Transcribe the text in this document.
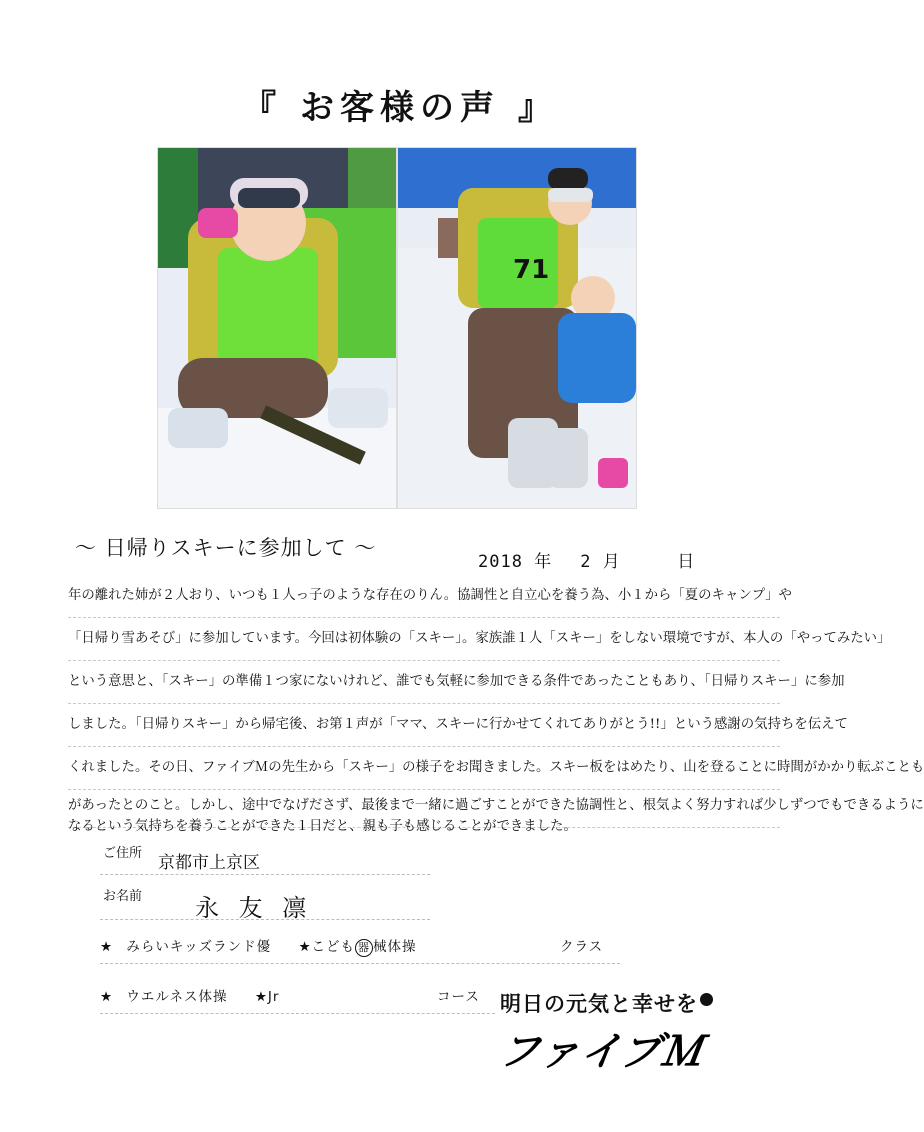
『 お客様の声 』
71
～ 日帰りスキーに参加して ～
2018 年 2 月	日
年の離れた姉が２人おり、いつも１人っ子のような存在のりん。協調性と自立心を養う為、小１から「夏のキャンプ」や
「日帰り雪あそび」に参加しています。今回は初体験の「スキー」。家族誰１人「スキー」をしない環境ですが、本人の「やってみたい」
という意思と、「スキー」の準備１つ家にないけれど、誰でも気軽に参加できる条件であったこともあり、「日帰りスキー」に参加
しました。「日帰りスキー」から帰宅後、お第１声が「ママ、スキーに行かせてくれてありがとう!!」という感謝の気持ちを伝えて
くれました。その日、ファイブＭの先生から「スキー」の様子をお聞きました。スキー板をはめたり、山を登ることに時間がかかり転ぶことも
があったとのこと。しかし、途中でなげださず、最後まで一緒に過ごすことができた協調性と、根気よく努力すれば少しずつでもできるように
なるという気持ちを養うことができた１日だと、親も子も感じることができました。
ご住所 京都市上京区
お名前 永 友 凛
★ みらいキッズランド優 ★こども 器 械体操	クラス
★ ウエルネス体操 ★Jr	コース 明日の元気と幸せを
ファイブＭ
